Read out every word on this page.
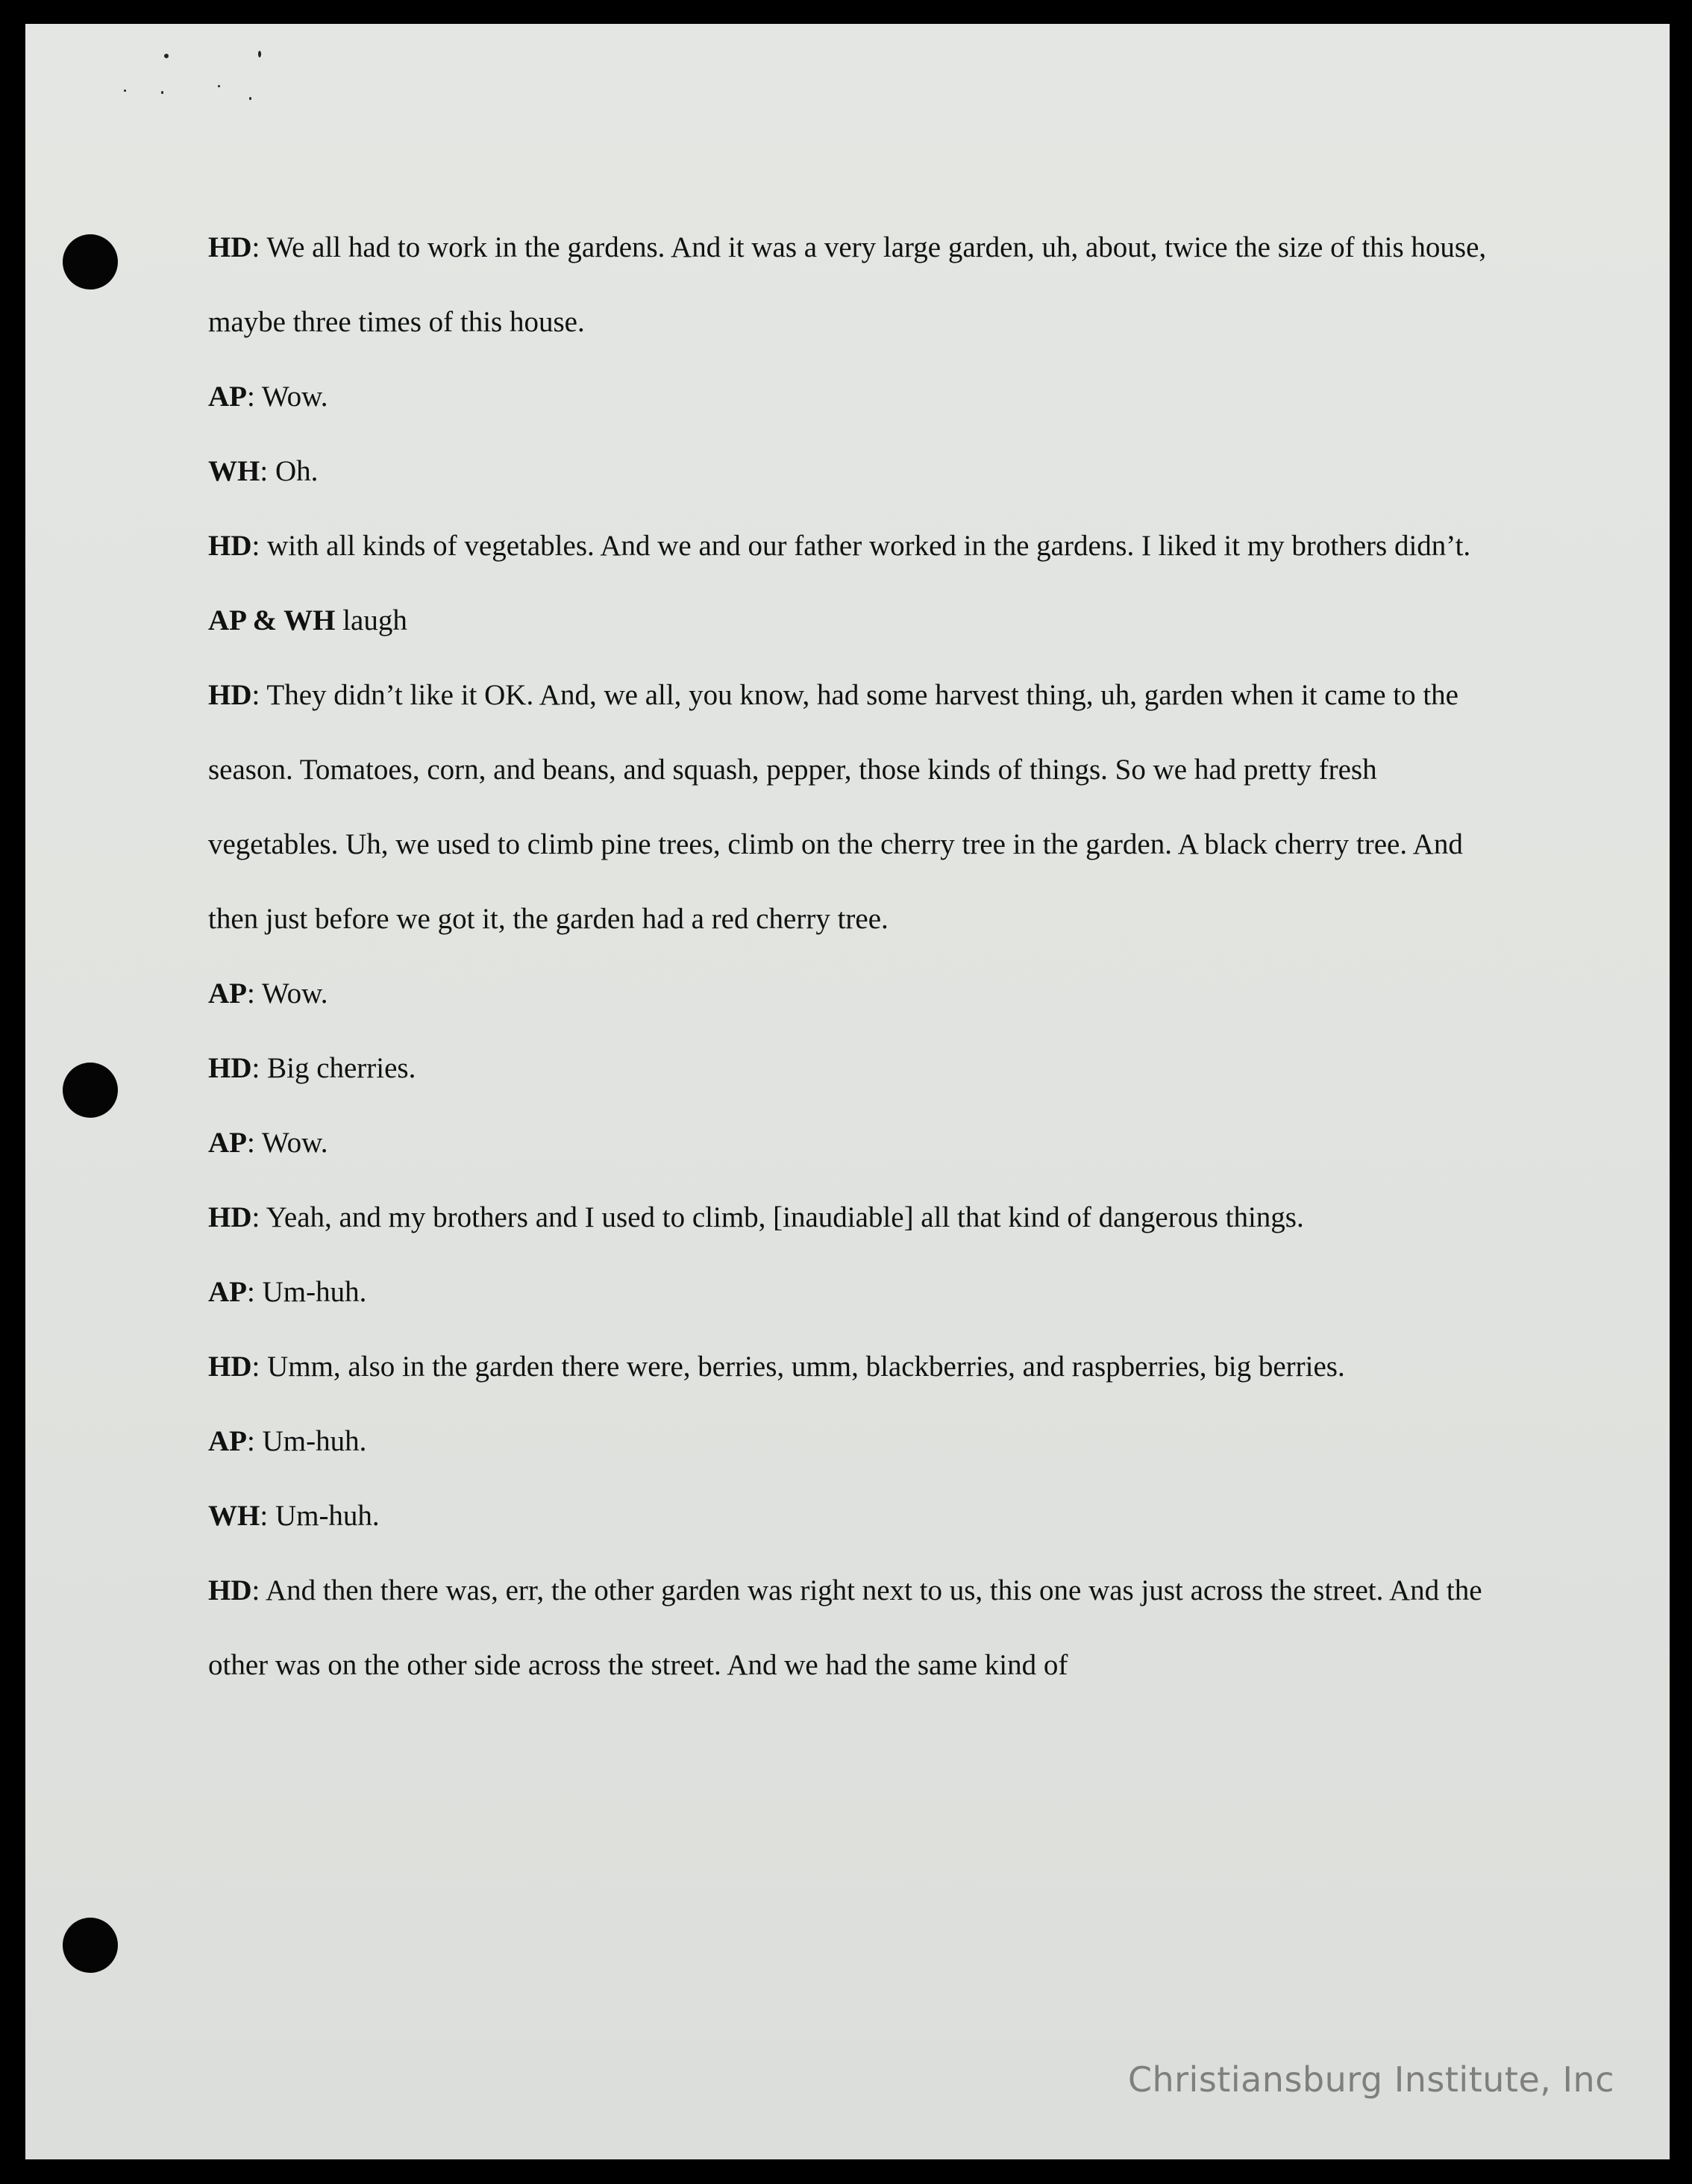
HD: We all had to work in the gardens. And it was a very large garden, uh, about, twice the size of this house, maybe three times of this house.
AP: Wow.
WH: Oh.
HD: with all kinds of vegetables. And we and our father worked in the gardens. I liked it my brothers didn’t.
AP & WH laugh
HD: They didn’t like it OK. And, we all, you know, had some harvest thing, uh, garden when it came to the season. Tomatoes, corn, and beans, and squash, pepper, those kinds of things. So we had pretty fresh vegetables. Uh, we used to climb pine trees, climb on the cherry tree in the garden. A black cherry tree. And then just before we got it, the garden had a red cherry tree.
AP: Wow.
HD: Big cherries.
AP: Wow.
HD: Yeah, and my brothers and I used to climb, [inaudiable] all that kind of dangerous things.
AP: Um-huh.
HD: Umm, also in the garden there were, berries, umm, blackberries, and raspberries, big berries.
AP: Um-huh.
WH: Um-huh.
HD: And then there was, err, the other garden was right next to us, this one was just across the street. And the other was on the other side across the street. And we had the same kind of
Christiansburg Institute, Inc
